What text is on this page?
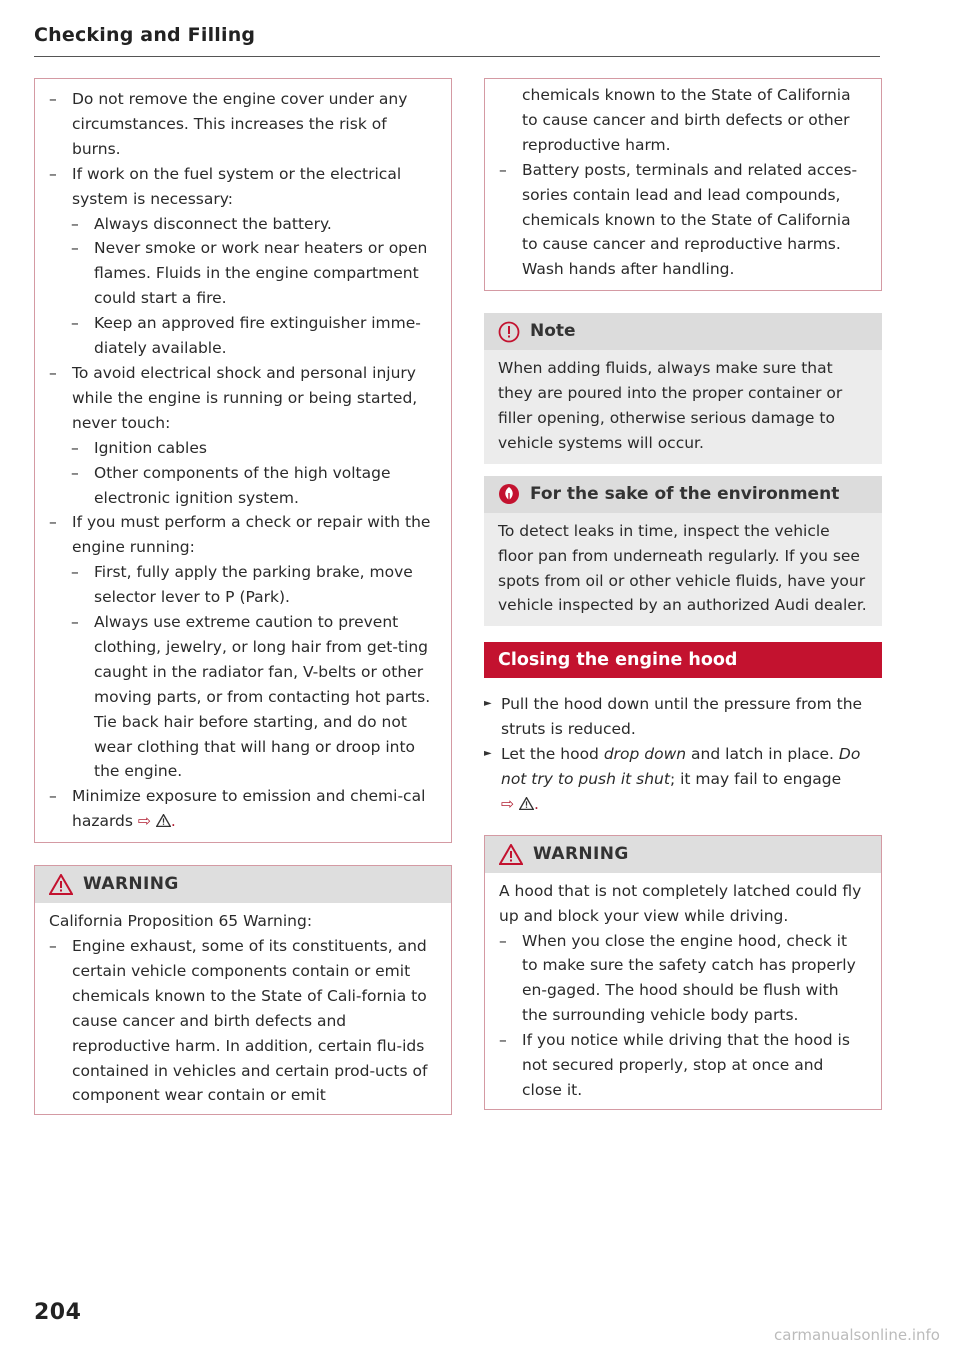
Checking and Filling

– Do not remove the engine cover under any circumstances. This increases the risk of burns.

– If work on the fuel system or the electrical system is necessary:

– Always disconnect the battery.

– Never smoke or work near heaters or open flames. Fluids in the engine compartment could start a fire.

– Keep an approved fire extinguisher imme-diately available.

– To avoid electrical shock and personal injury while the engine is running or being started, never touch:

– Ignition cables

– Other components of the high voltage electronic ignition system.

– If you must perform a check or repair with the engine running:

– First, fully apply the parking brake, move selector lever to P (Park).

– Always use extreme caution to prevent clothing, jewelry, or long hair from get-ting caught in the radiator fan, V-belts or other moving parts, or from contacting hot parts. Tie back hair before starting, and do not wear clothing that will hang or droop into the engine.

– Minimize exposure to emission and chemi-cal hazards ⇨ .

WARNING

California Proposition 65 Warning:

– Engine exhaust, some of its constituents, and certain vehicle components contain or emit chemicals known to the State of Cali-fornia to cause cancer and birth defects and reproductive harm. In addition, certain flu-ids contained in vehicles and certain prod-ucts of component wear contain or emit

chemicals known to the State of California to cause cancer and birth defects or other reproductive harm.

– Battery posts, terminals and related acces-sories contain lead and lead compounds, chemicals known to the State of California to cause cancer and reproductive harms. Wash hands after handling.

Note
When adding fluids, always make sure that they are poured into the proper container or filler opening, otherwise serious damage to vehicle systems will occur.
For the sake of the environment
To detect leaks in time, inspect the vehicle floor pan from underneath regularly. If you see spots from oil or other vehicle fluids, have your vehicle inspected by an authorized Audi dealer.
Closing the engine hood

► Pull the hood down until the pressure from the struts is reduced.

► Let the hood drop down and latch in place. Do not try to push it shut; it may fail to engage
⇨ .

WARNING

A hood that is not completely latched could fly up and block your view while driving.

– When you close the engine hood, check it to make sure the safety catch has properly en-gaged. The hood should be flush with the surrounding vehicle body parts.

– If you notice while driving that the hood is not secured properly, stop at once and close it.

204
carmanualsonline.info
